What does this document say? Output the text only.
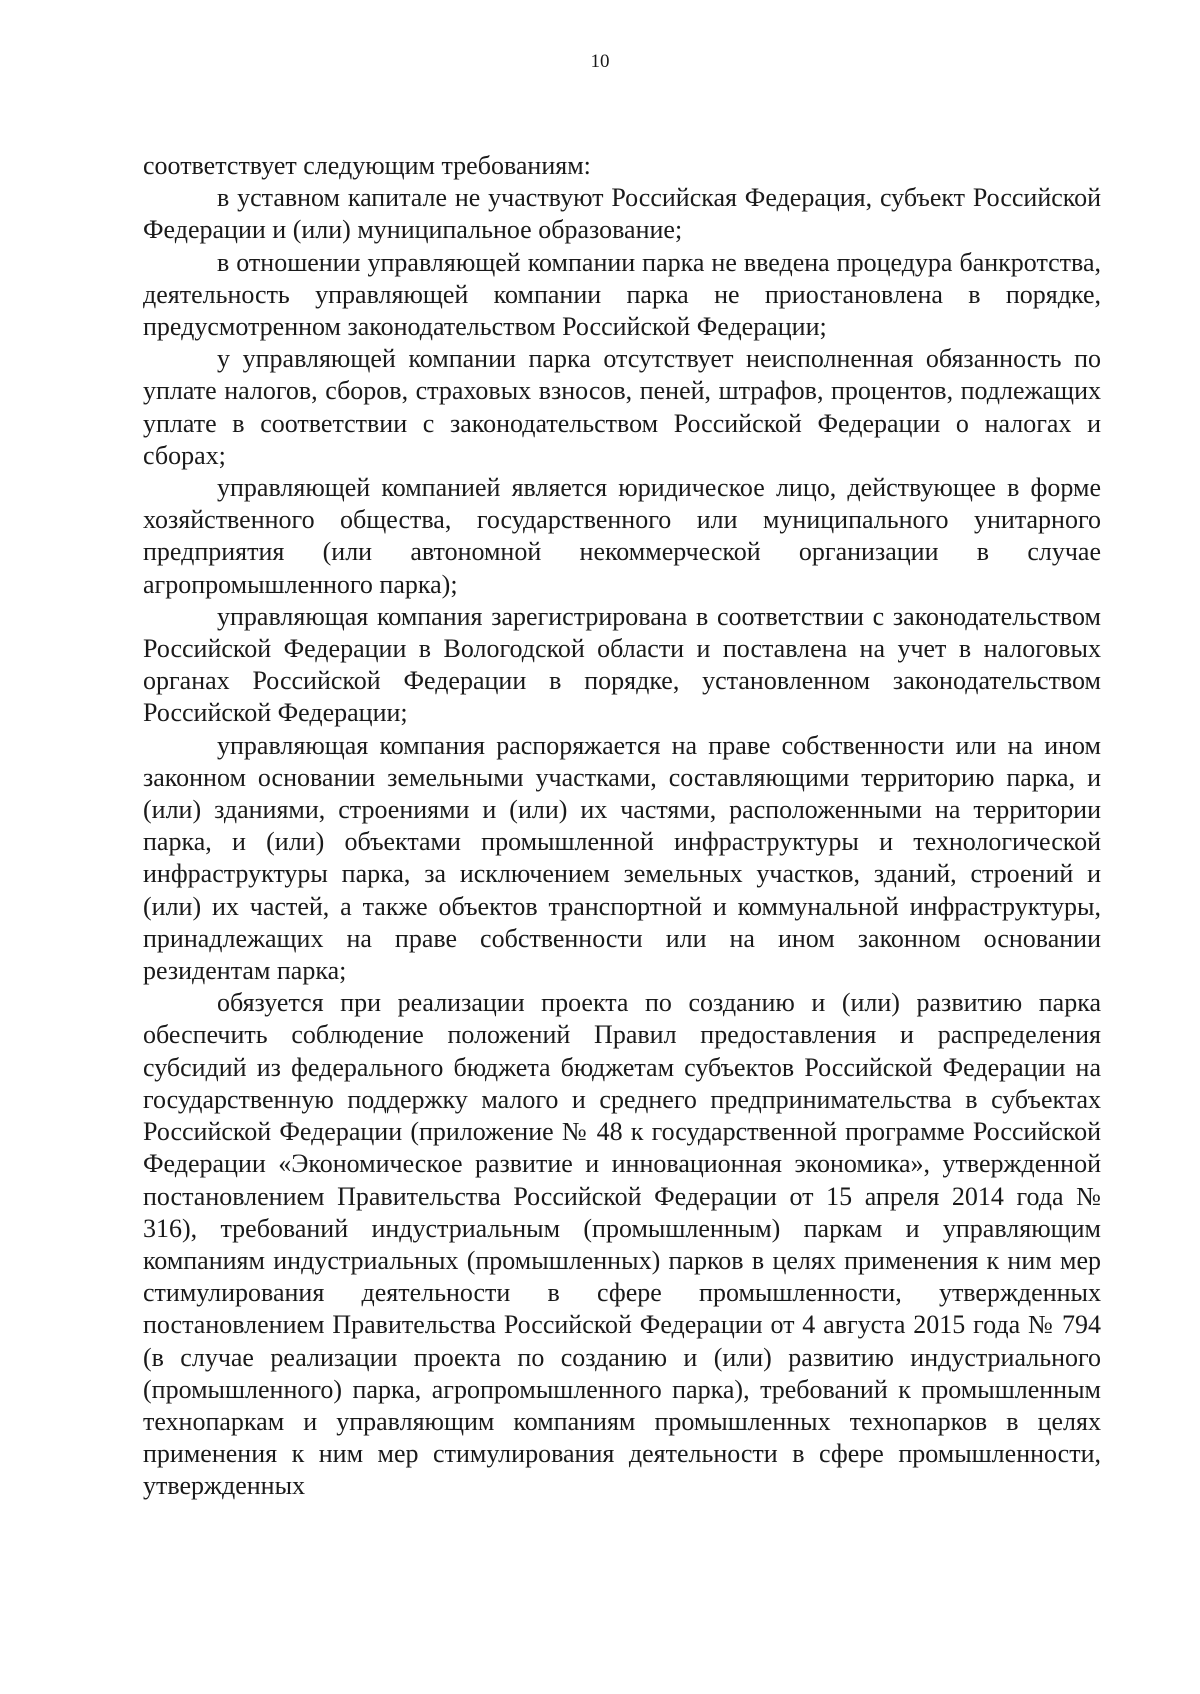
10

соответствует следующим требованиям:

в уставном капитале не участвуют Российская Федерация, субъект Российской Федерации и (или) муниципальное образование;

в отношении управляющей компании парка не введена процедура банкротства, деятельность управляющей компании парка не приостановлена в порядке, предусмотренном законодательством Российской Федерации;

у управляющей компании парка отсутствует неисполненная обязанность по уплате налогов, сборов, страховых взносов, пеней, штрафов, процентов, подлежащих уплате в соответствии с законодательством Российской Федерации о налогах и сборах;

управляющей компанией является юридическое лицо, действующее в форме хозяйственного общества, государственного или муниципального унитарного предприятия (или автономной некоммерческой организации в случае агропромышленного парка);

управляющая компания зарегистрирована в соответствии с законодательством Российской Федерации в Вологодской области и поставлена на учет в налоговых органах Российской Федерации в порядке, установленном законодательством Российской Федерации;

управляющая компания распоряжается на праве собственности или на ином законном основании земельными участками, составляющими территорию парка, и (или) зданиями, строениями и (или) их частями, расположенными на территории парка, и (или) объектами промышленной инфраструктуры и технологической инфраструктуры парка, за исключением земельных участков, зданий, строений и (или) их частей, а также объектов транспортной и коммунальной инфраструктуры, принадлежащих на праве собственности или на ином законном основании резидентам парка;

обязуется при реализации проекта по созданию и (или) развитию парка обеспечить соблюдение положений Правил предоставления и распределения субсидий из федерального бюджета бюджетам субъектов Российской Федерации на государственную поддержку малого и среднего предпринимательства в субъектах Российской Федерации (приложение № 48 к государственной программе Российской Федерации «Экономическое развитие и инновационная экономика», утвержденной постановлением Правительства Российской Федерации от 15 апреля 2014 года № 316), требований индустриальным (промышленным) паркам и управляющим компаниям индустриальных (промышленных) парков в целях применения к ним мер стимулирования деятельности в сфере промышленности, утвержденных постановлением Правительства Российской Федерации от 4 августа 2015 года № 794 (в случае реализации проекта по созданию и (или) развитию индустриального (промышленного) парка, агропромышленного парка), требований к промышленным технопаркам и управляющим компаниям промышленных технопарков в целях применения к ним мер стимулирования деятельности в сфере промышленности, утвержденных
